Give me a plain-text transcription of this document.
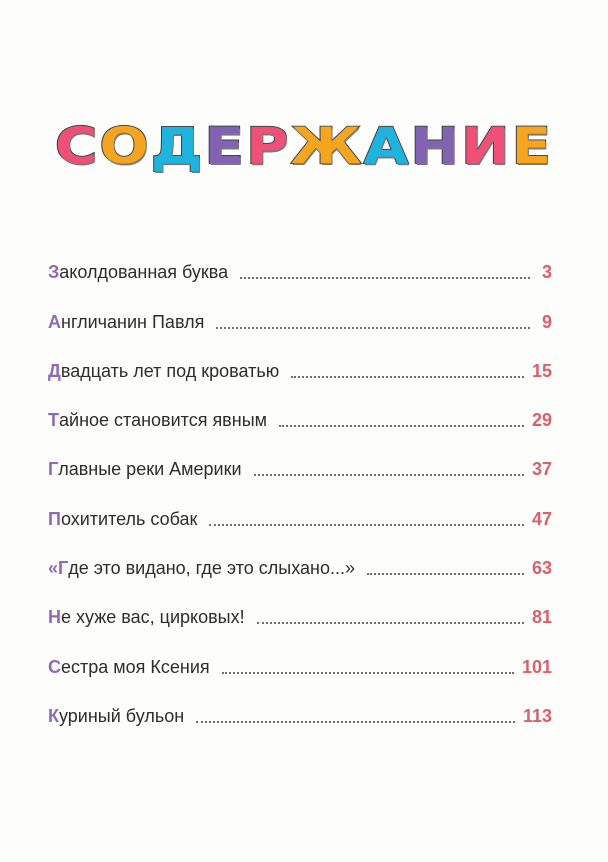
СОДЕРЖАНИЕ
Заколдованная буква	3
Англичанин Павля	9
Двадцать лет под кроватью	15
Тайное становится явным	29
Главные реки Америки	37
Похититель собак	47
«Где это видано, где это слыхано...»	63
Не хуже вас, цирковых!	81
Сестра моя Ксения	101
Куриный бульон	113
